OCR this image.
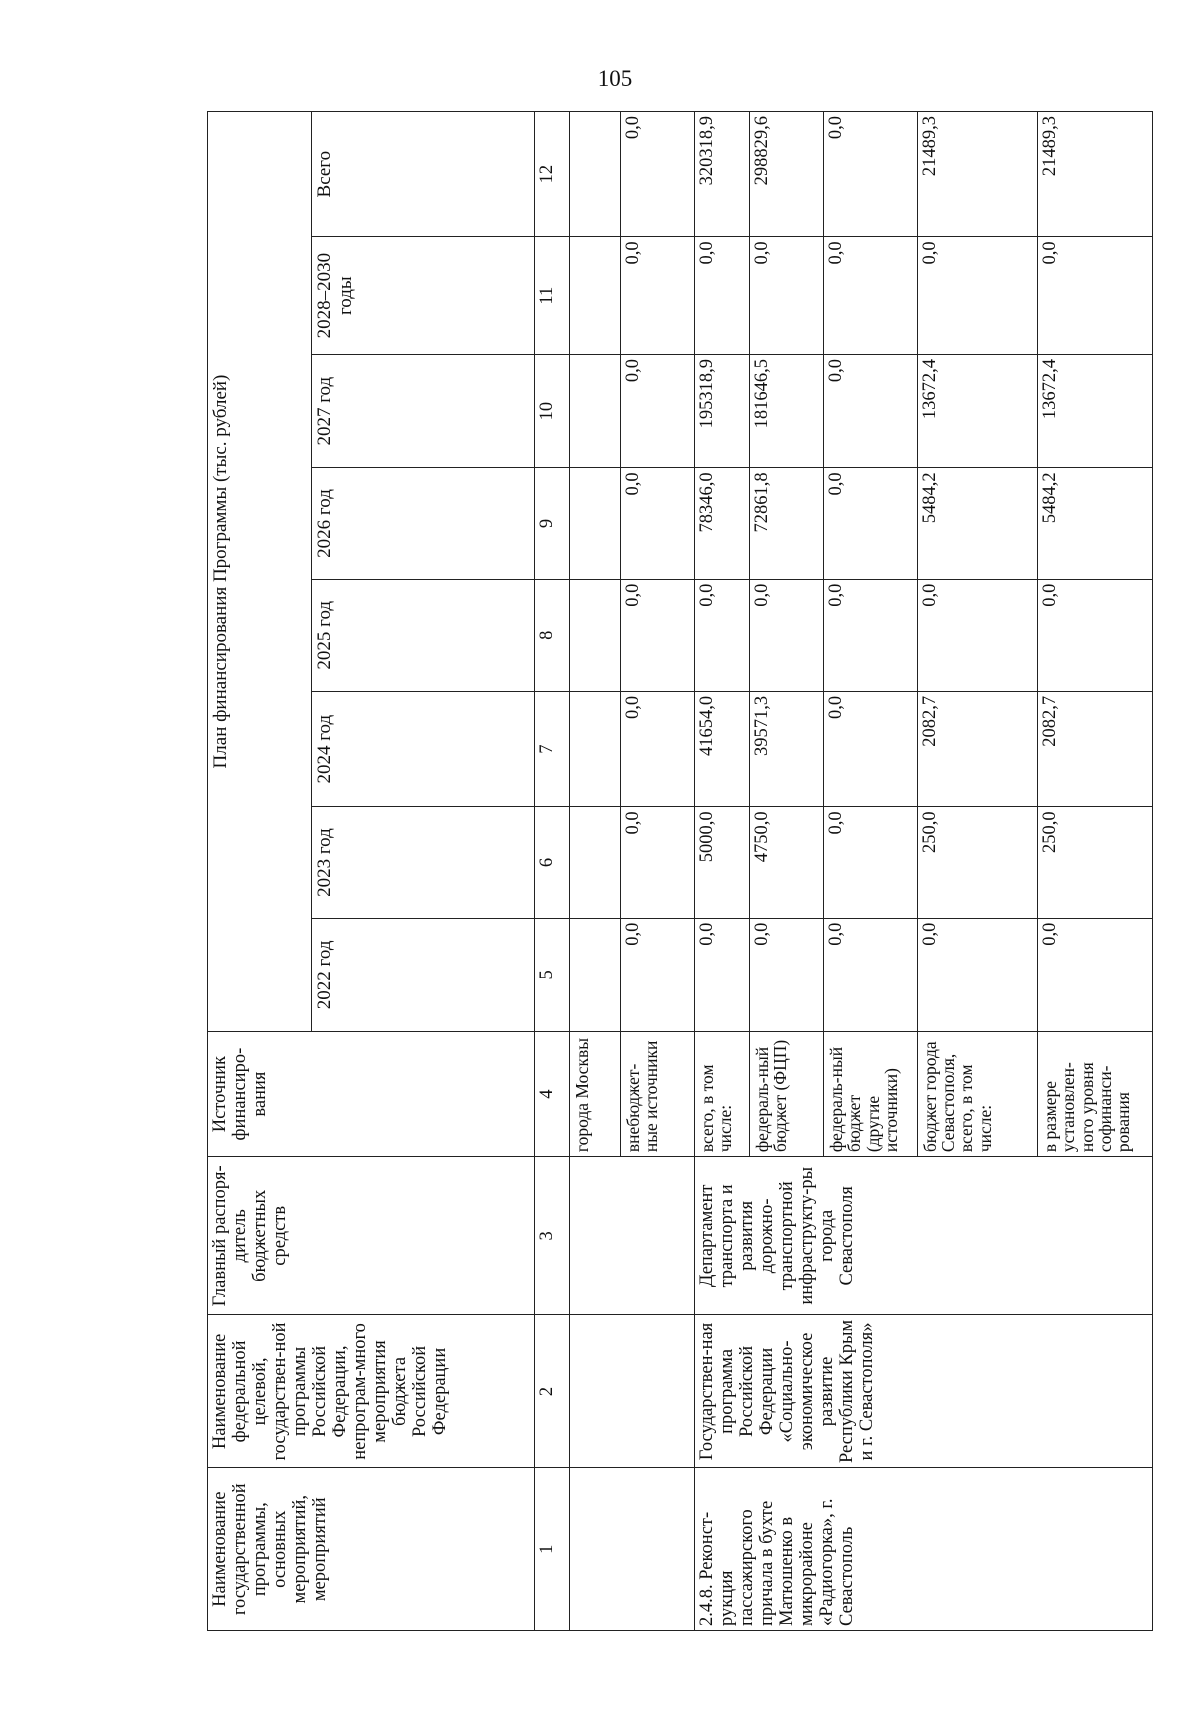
105
Наименование государственной программы, основных мероприятий, мероприятий	Наименование федеральной целевой, государствен-ной программы Российской Федерации, непрограм-много мероприятия бюджета Российской Федерации	Главный распоря-дитель бюджетных средств	Источник финансиро-вания	План финансирования Программы (тыс. рублей)							
				2022 год	2023 год	2024 год	2025 год	2026 год	2027 год	2028–2030 годы	Всего
1	2	3	4	5	6	7	8	9	10	11	12
			города Москвы								
			внебюджет-ные источники	0,0	0,0	0,0	0,0	0,0	0,0	0,0	0,0
2.4.8. Реконст-рукция пассажирского причала в бухте Матюшенко в микрорайоне «Радиогорка», г. Севастополь	Государствен-ная программа Российской Федерации «Социально-экономическое развитие Республики Крым и г. Севастополя»	Департамент транспорта и развития дорожно-транспортной инфраструкту-ры города Севастополя	всего, в том числе:	0,0	5000,0	41654,0	0,0	78346,0	195318,9	0,0	320318,9
			федераль-ный бюджет (ФЦП)	0,0	4750,0	39571,3	0,0	72861,8	181646,5	0,0	298829,6
			федераль-ный бюджет (другие источники)	0,0	0,0	0,0	0,0	0,0	0,0	0,0	0,0
			бюджет города Севастополя, всего, в том числе:	0,0	250,0	2082,7	0,0	5484,2	13672,4	0,0	21489,3
			в размере установлен-ного уровня софинанси-рования	0,0	250,0	2082,7	0,0	5484,2	13672,4	0,0	21489,3
